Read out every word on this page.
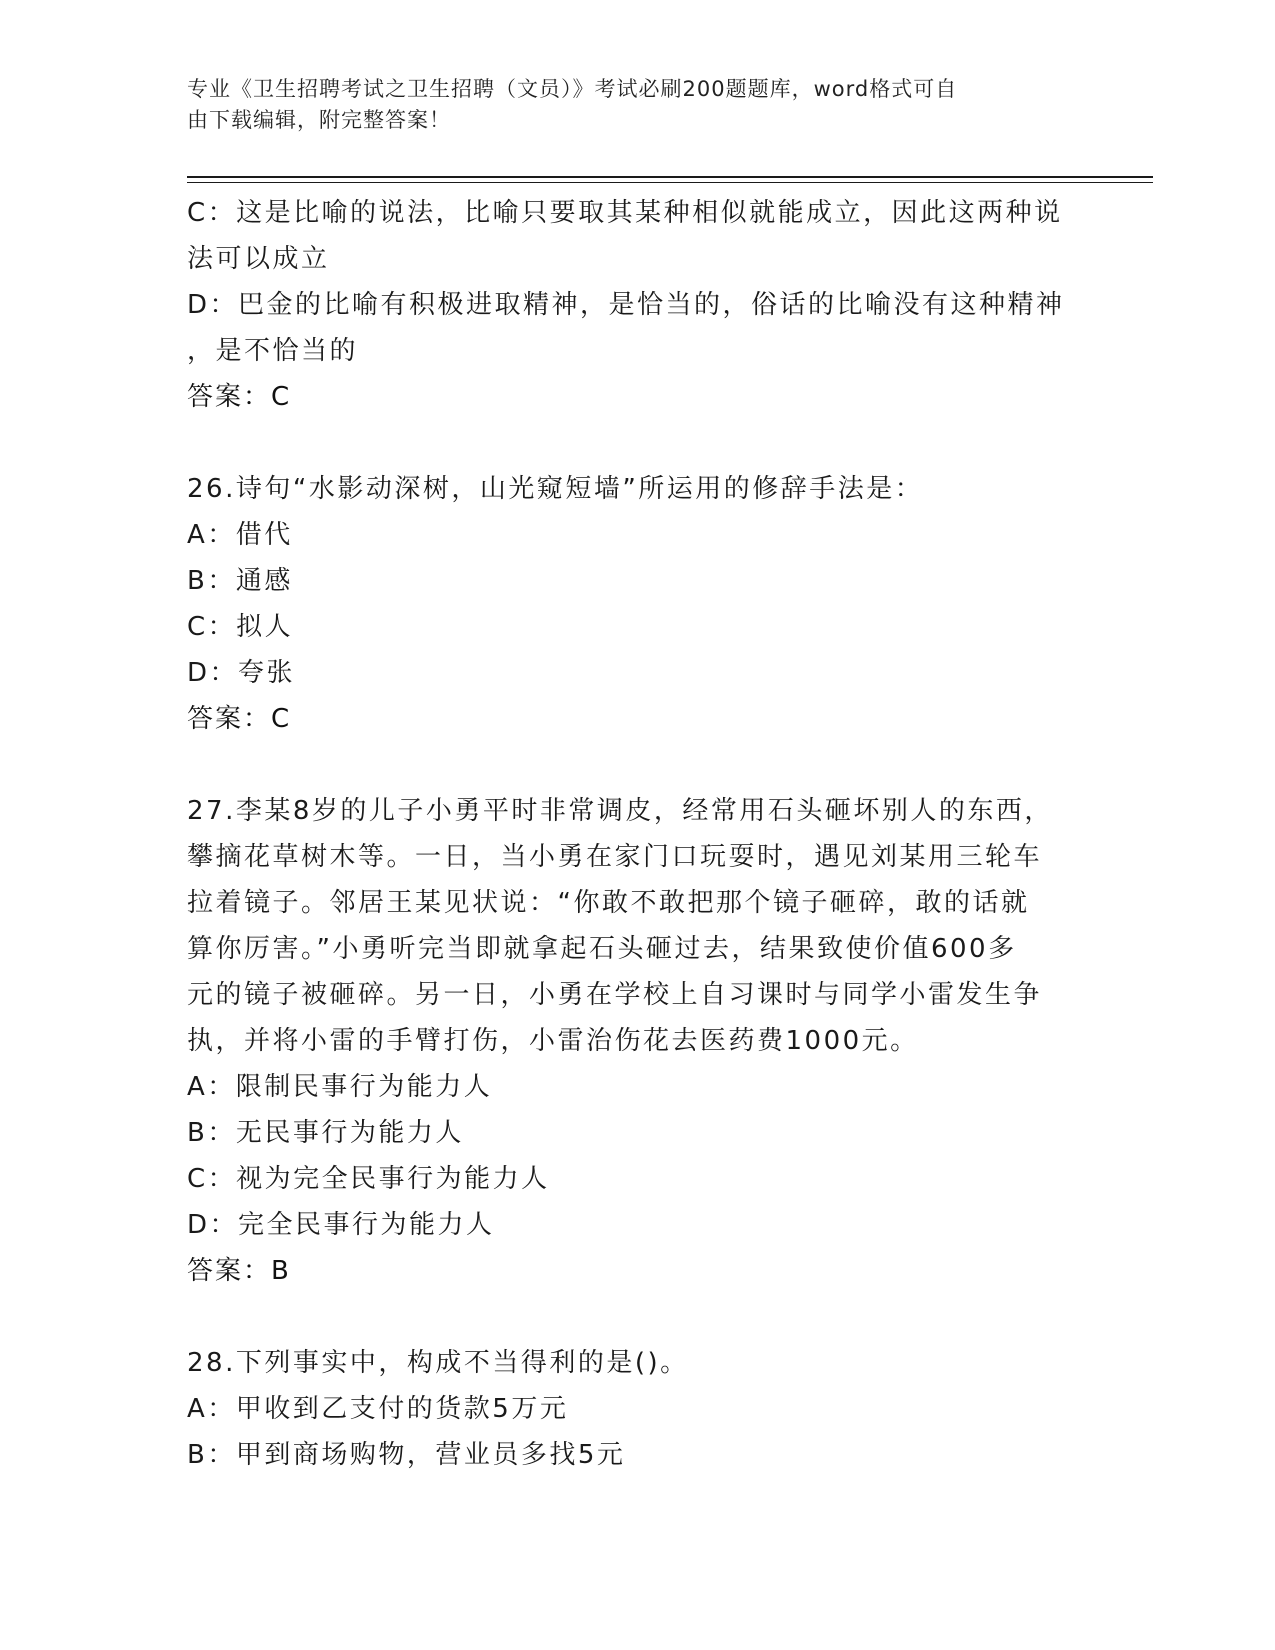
专业《卫生招聘考试之卫生招聘（文员）》考试必刷200题题库，word格式可自
由下载编辑，附完整答案！
C：这是比喻的说法，比喻只要取其某种相似就能成立，因此这两种说
法可以成立
D：巴金的比喻有积极进取精神，是恰当的，俗话的比喻没有这种精神
，是不恰当的
答案：C
26.诗句“水影动深树，山光窥短墙”所运用的修辞手法是：
A：借代
B：通感
C：拟人
D：夸张
答案：C
27.李某8岁的儿子小勇平时非常调皮，经常用石头砸坏别人的东西，
攀摘花草树木等。一日，当小勇在家门口玩耍时，遇见刘某用三轮车
拉着镜子。邻居王某见状说：“你敢不敢把那个镜子砸碎，敢的话就
算你厉害。”小勇听完当即就拿起石头砸过去，结果致使价值600多
元的镜子被砸碎。另一日，小勇在学校上自习课时与同学小雷发生争
执，并将小雷的手臂打伤，小雷治伤花去医药费1000元。
A：限制民事行为能力人
B：无民事行为能力人
C：视为完全民事行为能力人
D：完全民事行为能力人
答案：B
28.下列事实中，构成不当得利的是()。
A：甲收到乙支付的货款5万元
B：甲到商场购物，营业员多找5元
